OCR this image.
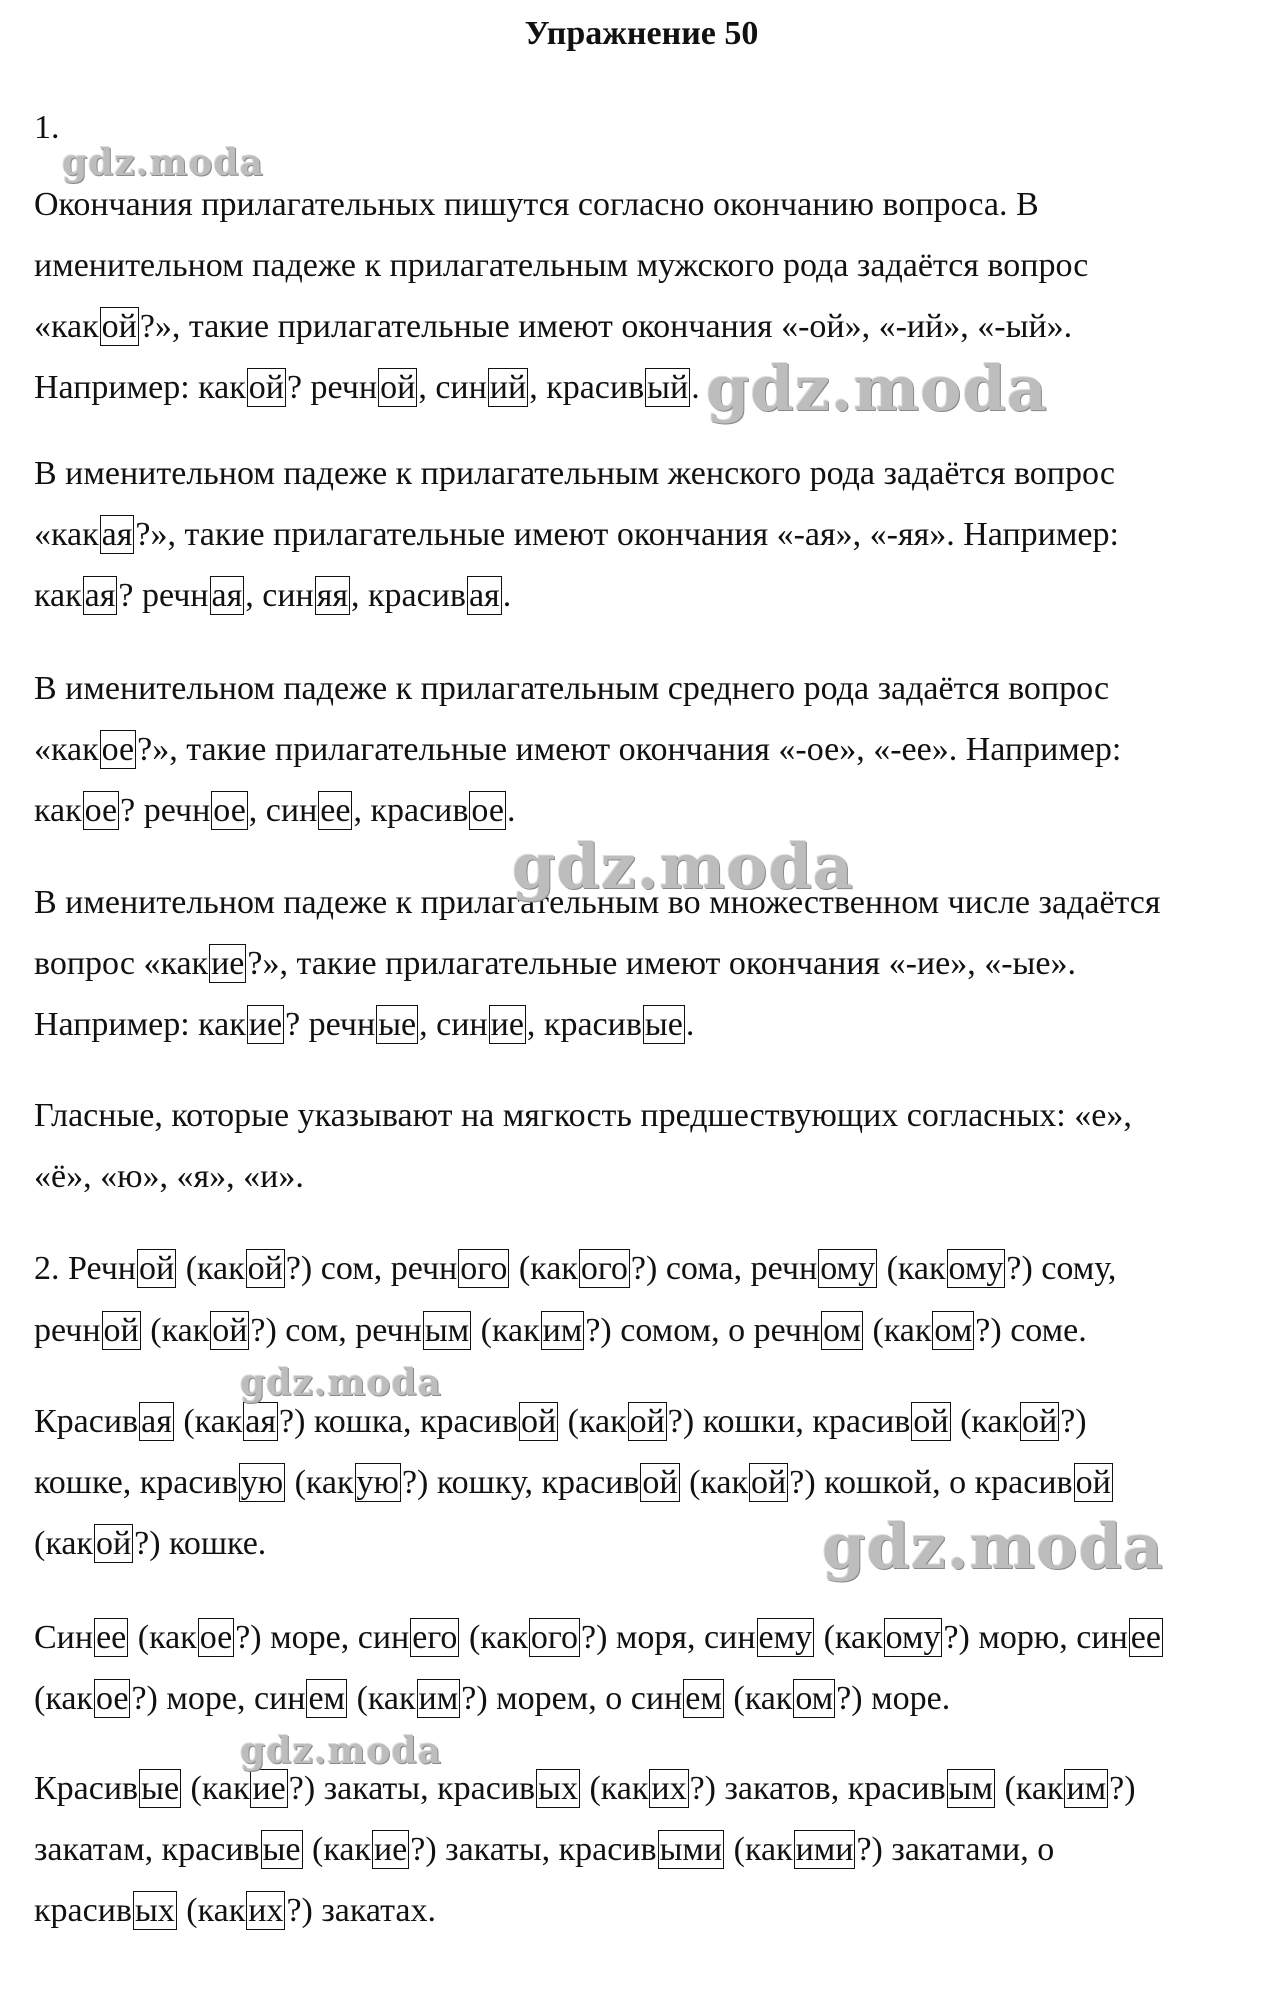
Упражнение 50
1.
Окончания прилагательных пишутся согласно окончанию вопроса. В
именительном падеже к прилагательным мужского рода задаётся вопрос
«какой?», такие прилагательные имеют окончания «-ой», «-ий», «-ый».
Например: какой? речной, синий, красивый.
В именительном падеже к прилагательным женского рода задаётся вопрос
«какая?», такие прилагательные имеют окончания «-ая», «-яя». Например:
какая? речная, синяя, красивая.
В именительном падеже к прилагательным среднего рода задаётся вопрос
«какое?», такие прилагательные имеют окончания «-ое», «-ее». Например:
какое? речное, синее, красивое.
В именительном падеже к прилагательным во множественном числе задаётся
вопрос «какие?», такие прилагательные имеют окончания «-ие», «-ые».
Например: какие? речные, синие, красивые.
Гласные, которые указывают на мягкость предшествующих согласных: «е»,
«ё», «ю», «я», «и».
2. Речной (какой?) сом, речного (какого?) сома, речному (какому?) сому,
речной (какой?) сом, речным (каким?) сомом, о речном (каком?) соме.
Красивая (какая?) кошка, красивой (какой?) кошки, красивой (какой?)
кошке, красивую (какую?) кошку, красивой (какой?) кошкой, о красивой
(какой?) кошке.
Синее (какое?) море, синего (какого?) моря, синему (какому?) морю, синее
(какое?) море, синем (каким?) морем, о синем (каком?) море.
Красивые (какие?) закаты, красивых (каких?) закатов, красивым (каким?)
закатам, красивые (какие?) закаты, красивыми (какими?) закатами, о
красивых (каких?) закатах.
gdz.moda
gdz.moda
gdz.moda
gdz.moda
gdz.moda
gdz.moda
